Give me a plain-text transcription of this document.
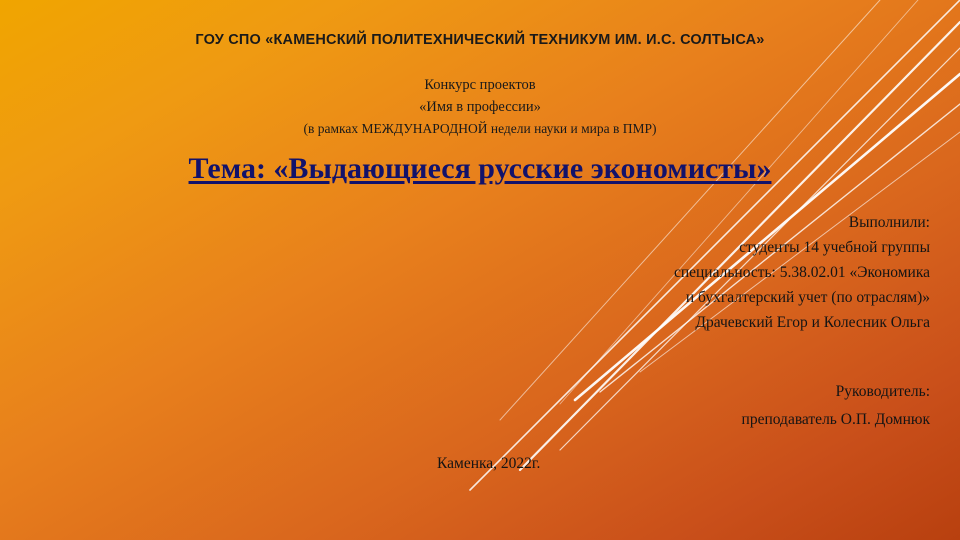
ГОУ СПО «КАМЕНСКИЙ ПОЛИТЕХНИЧЕСКИЙ ТЕХНИКУМ ИМ. И.С. СОЛТЫСА»
Конкурс проектов
«Имя в профессии»
(в рамках МЕЖДУНАРОДНОЙ недели науки и мира в ПМР)
Тема: «Выдающиеся русские экономисты»
Выполнили:
студенты 14 учебной группы
специальность: 5.38.02.01 «Экономика
и бухгалтерский учет (по отраслям)»
Драчевский Егор и Колесник Ольга
Руководитель:
преподаватель О.П. Домнюк
Каменка, 2022г.
